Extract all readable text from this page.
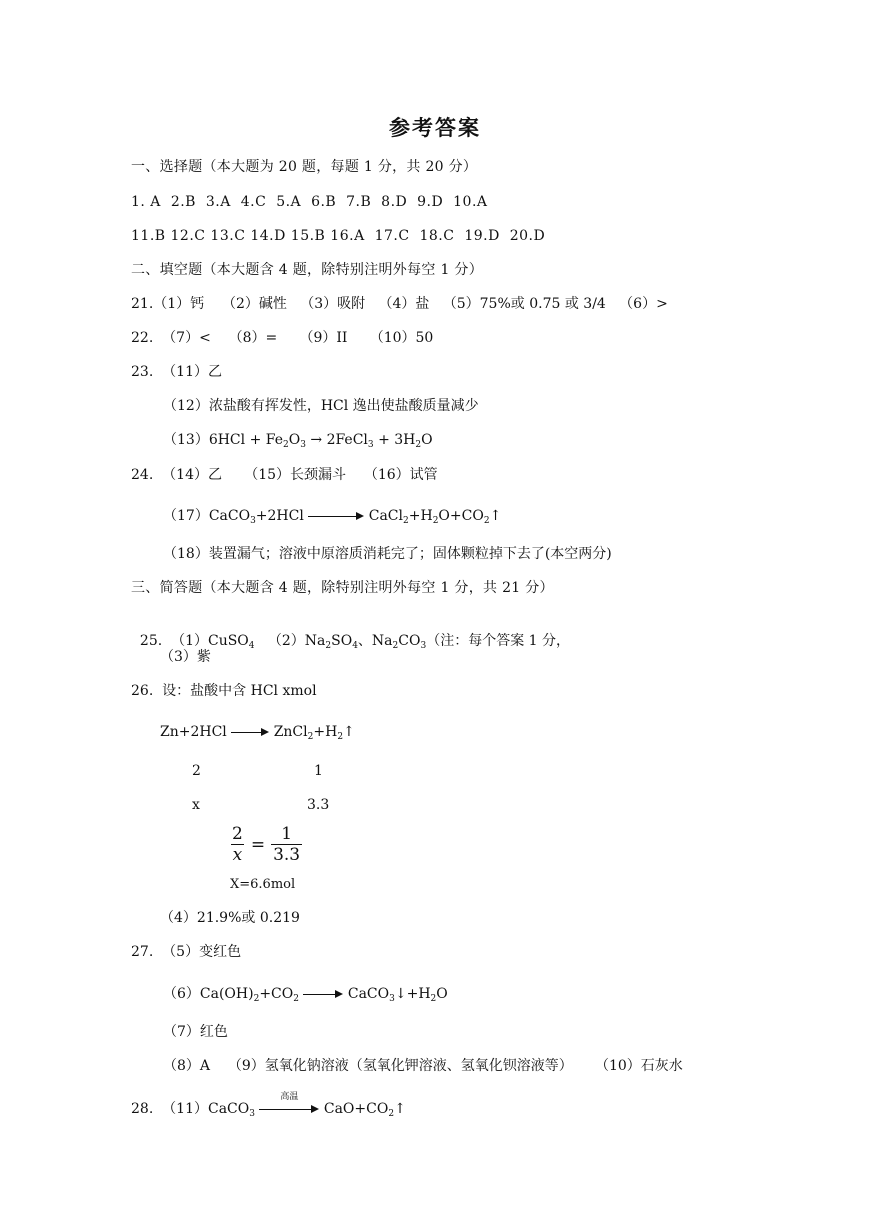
参考答案
一、选择题（本大题为 20 题，每题 1 分，共 20 分）
1. A  2.B  3.A  4.C  5.A  6.B  7.B  8.D  9.D  10.A
11.B 12.C 13.C 14.D 15.B 16.A  17.C  18.C  19.D  20.D
二、填空题（本大题含 4 题，除特别注明外每空 1 分）
21.（1）钙    （2）碱性   （3）吸附   （4）盐   （5）75%或 0.75 或 3/4   （6）>
22.  （7）<    （8）=     （9）II     （10）50
23.  （11）乙
（12）浓盐酸有挥发性，HCl 逸出使盐酸质量减少
$(13)6HCl + Fe_2O_3$ → 2FeCl$_3$ + $3H_2O$
24.  （14）乙     （15）长颈漏斗    （16）试管
（17）CaCO$_3$+2HCl	$CaCl_2+H_2O+CO_2↑$
（18）装置漏气；溶液中原溶质消耗完了；固体颗粒掉下去了(本空两分)
三、简答题（本大题含 4 题，除特别注明外每空 1 分，共 21 分）

25.  （1）CuSO$_4$   $(2)Na_2SO_4$、$Na_2CO_3$（注：每个答案 1 分，

（3）紫
26.  设：盐酸中含 HCl xmol
Zn+2HCl	$ZnCl_2+H_2↑$
2	1
x	3.3
$\frac{2}{x} = \frac{1}{3.3}$
X=6.6mol
（4）21.9%或 0.219
27.  （5）变红色
$(6)Ca(OH)_2+CO_2$	$CaCO_3↓+H_2O$
（7）红色
（8）A    （9）氢氧化钠溶液（氢氧化钾溶液、氢氧化钡溶液等）     （10）石灰水
28.  （11）CaCO$_3$
高温
$CaO+CO_2↑$
